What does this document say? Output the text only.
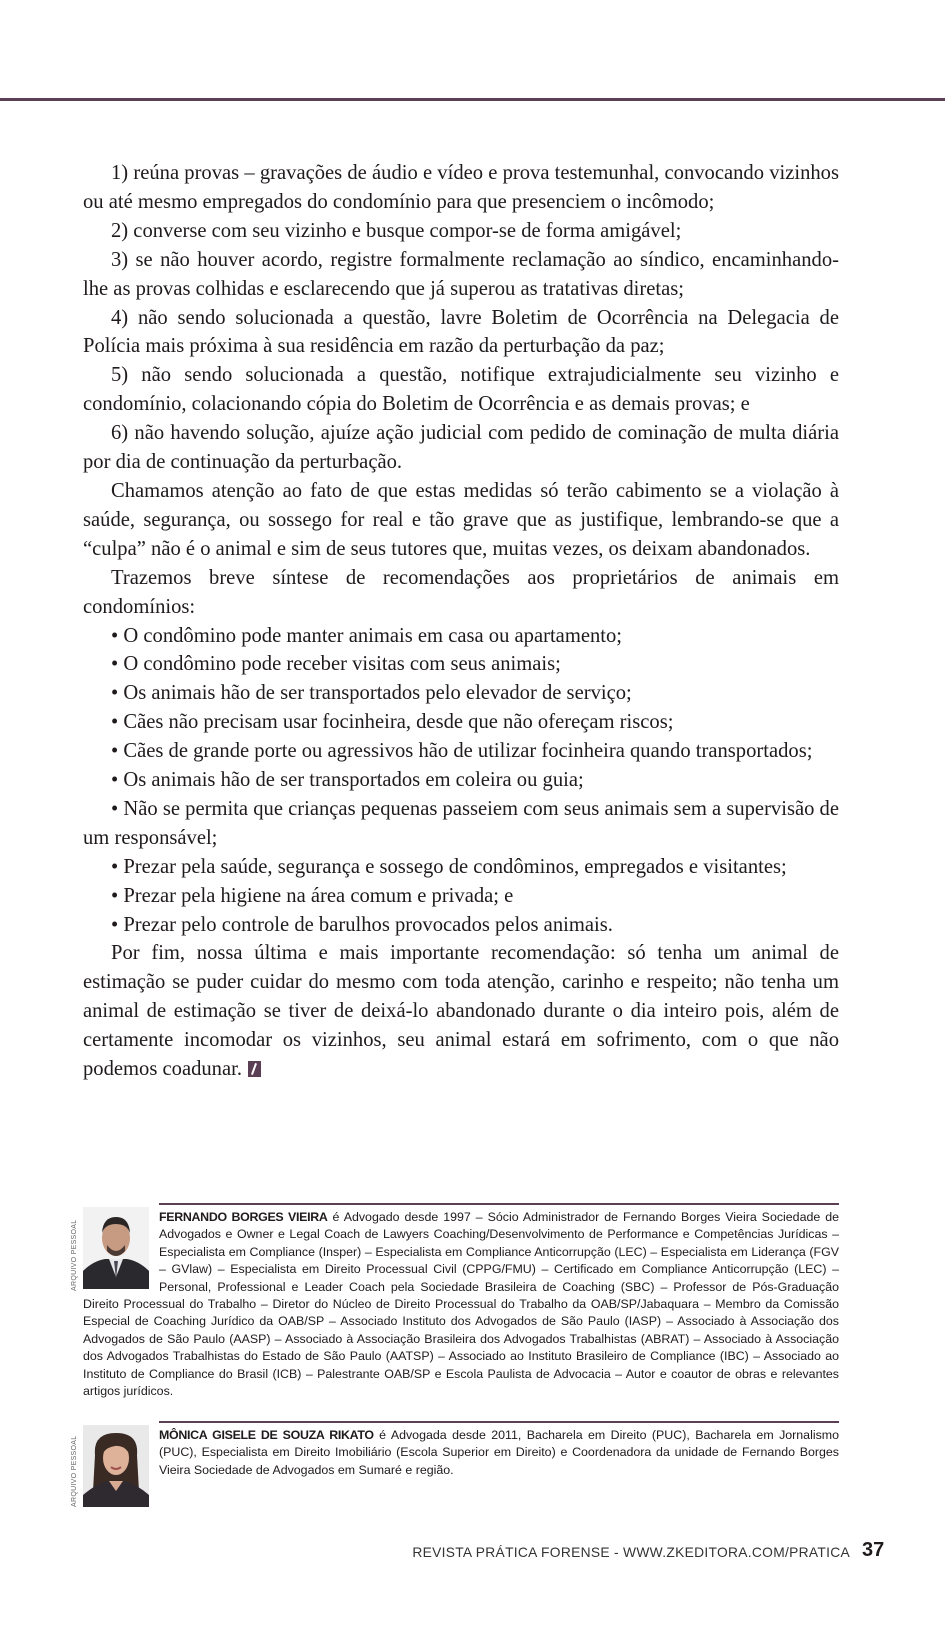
1) reúna provas – gravações de áudio e vídeo e prova testemunhal, convocando vizinhos ou até mesmo empregados do condomínio para que presenciem o incômodo;

2) converse com seu vizinho e busque compor-se de forma amigável;

3) se não houver acordo, registre formalmente reclamação ao síndico, encaminhando-lhe as provas colhidas e esclarecendo que já superou as tratativas diretas;

4) não sendo solucionada a questão, lavre Boletim de Ocorrência na Delegacia de Polícia mais próxima à sua residência em razão da perturbação da paz;

5) não sendo solucionada a questão, notifique extrajudicialmente seu vizinho e condomínio, colacionando cópia do Boletim de Ocorrência e as demais provas; e

6) não havendo solução, ajuíze ação judicial com pedido de cominação de multa diária por dia de continuação da perturbação.

Chamamos atenção ao fato de que estas medidas só terão cabimento se a violação à saúde, segurança, ou sossego for real e tão grave que as justifique, lembrando-se que a “culpa” não é o animal e sim de seus tutores que, muitas vezes, os deixam abandonados.

Trazemos breve síntese de recomendações aos proprietários de animais em condomínios:

• O condômino pode manter animais em casa ou apartamento;

• O condômino pode receber visitas com seus animais;

• Os animais hão de ser transportados pelo elevador de serviço;

• Cães não precisam usar focinheira, desde que não ofereçam riscos;

• Cães de grande porte ou agressivos hão de utilizar focinheira quando transportados;

• Os animais hão de ser transportados em coleira ou guia;

• Não se permita que crianças pequenas passeiem com seus animais sem a supervisão de um responsável;

• Prezar pela saúde, segurança e sossego de condôminos, empregados e visitantes;

• Prezar pela higiene na área comum e privada; e

• Prezar pelo controle de barulhos provocados pelos animais.

Por fim, nossa última e mais importante recomendação: só tenha um animal de estimação se puder cuidar do mesmo com toda atenção, carinho e respeito; não tenha um animal de estimação se tiver de deixá-lo abandonado durante o dia inteiro pois, além de certamente incomodar os vizinhos, seu animal estará em sofrimento, com o que não podemos coadunar.

ARQUIVO PESSOAL

FERNANDO BORGES VIEIRA é Advogado desde 1997 – Sócio Administrador de Fernando Borges Vieira Sociedade de Advogados e Owner e Legal Coach de Lawyers Coaching/Desenvolvimento de Performance e Competências Jurídicas – Especialista em Compliance (Insper) – Especialista em Compliance Anticorrupção (LEC) – Especialista em Liderança (FGV – GVlaw) – Especialista em Direito Processual Civil (CPPG/FMU) – Certificado em Compliance Anticorrupção (LEC) – Personal, Professional e Leader Coach pela Sociedade Brasileira de Coaching (SBC) – Professor de Pós-Graduação Direito Processual do Trabalho – Diretor do Núcleo de Direito Processual do Trabalho da OAB/SP/Jabaquara – Membro da Comissão Especial de Coaching Jurídico da OAB/SP – Associado Instituto dos Advogados de São Paulo (IASP) – Associado à Associação dos Advogados de São Paulo (AASP) – Associado à Associação Brasileira dos Advogados Trabalhistas (ABRAT) – Associado à Associação dos Advogados Trabalhistas do Estado de São Paulo (AATSP) – Associado ao Instituto Brasileiro de Compliance (IBC) – Associado ao Instituto de Compliance do Brasil (ICB) – Palestrante OAB/SP e Escola Paulista de Advocacia – Autor e coautor de obras e relevantes artigos jurídicos.

ARQUIVO PESSOAL

MÔNICA GISELE DE SOUZA RIKATO é Advogada desde 2011, Bacharela em Direito (PUC), Bacharela em Jornalismo (PUC), Especialista em Direito Imobiliário (Escola Superior em Direito) e Coordenadora da unidade de Fernando Borges Vieira Sociedade de Advogados em Sumaré e região.

REVISTA PRÁTICA FORENSE - WWW.ZKEDITORA.COM/PRATICA 37
